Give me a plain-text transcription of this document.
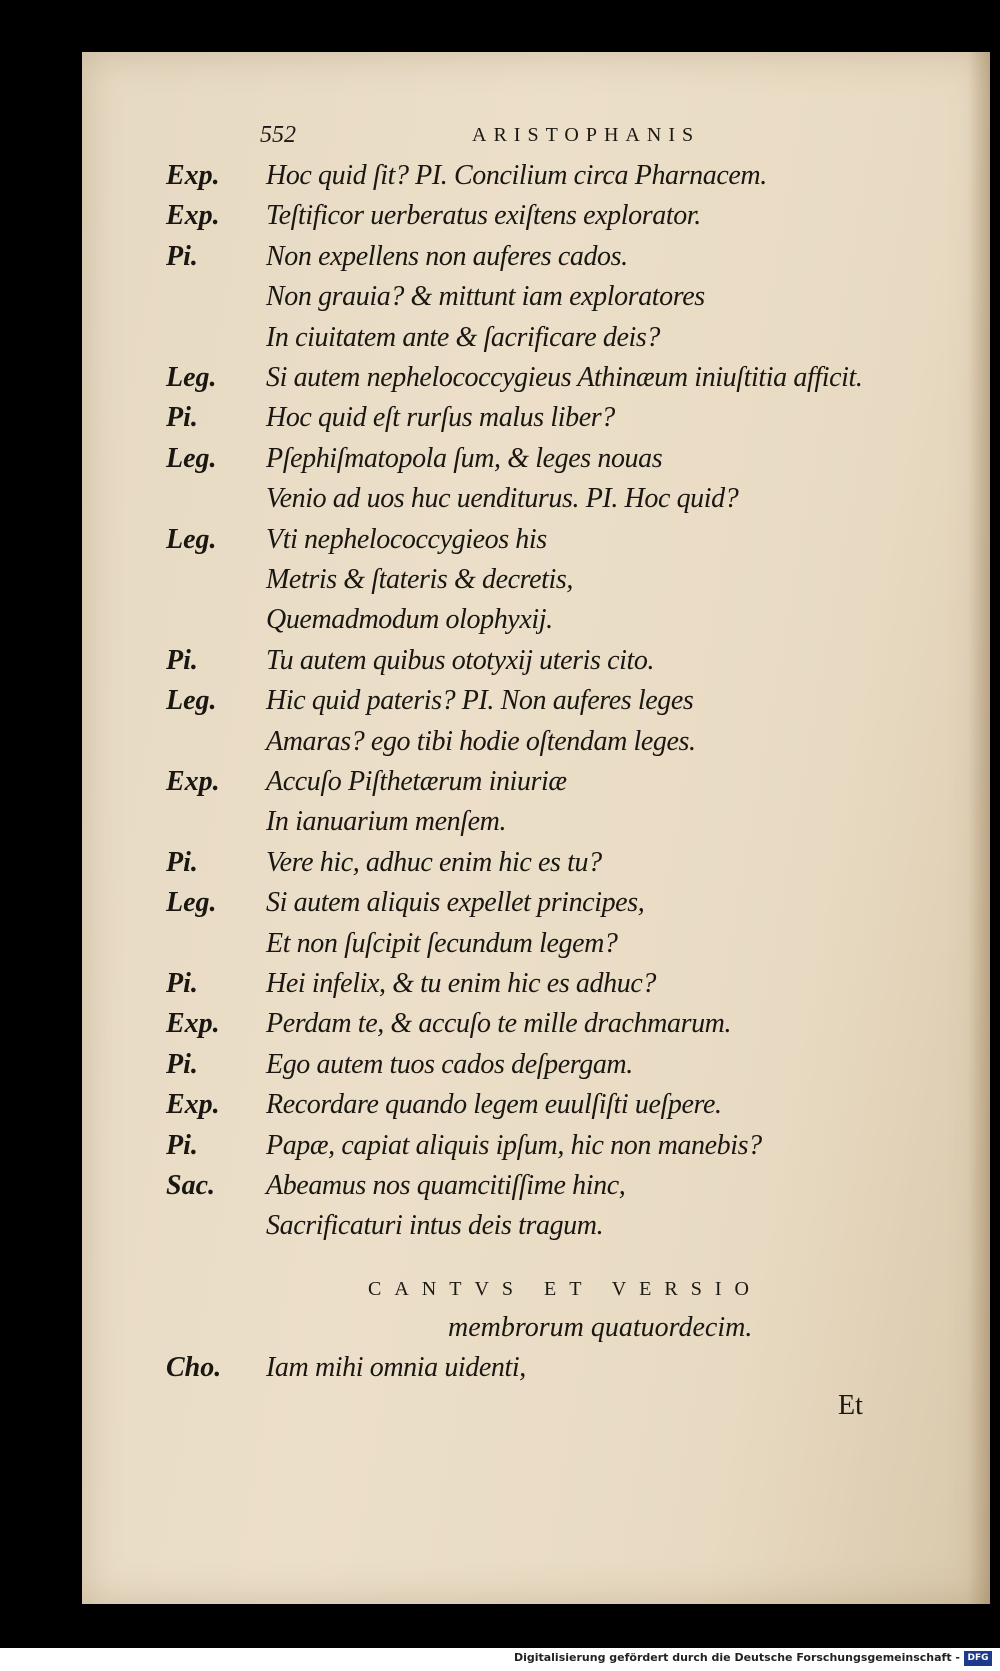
552	ARISTOPHANIS
Exp. Hoc quid ſit? PI. Concilium circa Pharnacem.
Exp. Teſtificor uerberatus exiſtens explorator.
Pi. Non expellens non auferes cados.
Non grauia? & mittunt iam exploratores
In ciuitatem ante & ſacrificare deis?
Leg. Si autem nephelococcygieus Athinæum iniuſtitia afficit.
Pi. Hoc quid eſt rurſus malus liber?
Leg. Pſephiſmatopola ſum, & leges nouas
Venio ad uos huc uenditurus. PI. Hoc quid?
Leg. Vti nephelococcygieos his
Metris & ſtateris & decretis,
Quemadmodum olophyxij.
Pi. Tu autem quibus ototyxij uteris cito.
Leg. Hic quid pateris? PI. Non auferes leges
Amaras? ego tibi hodie oſtendam leges.
Exp. Accuſo Piſthetærum iniuriæ
In ianuarium menſem.
Pi. Vere hic, adhuc enim hic es tu?
Leg. Si autem aliquis expellet principes,
Et non ſuſcipit ſecundum legem?
Pi. Hei infelix, & tu enim hic es adhuc?
Exp. Perdam te, & accuſo te mille drachmarum.
Pi. Ego autem tuos cados deſpergam.
Exp. Recordare quando legem euulſiſti ueſpere.
Pi. Papæ, capiat aliquis ipſum, hic non manebis?
Sac. Abeamus nos quamcitiſſime hinc,
Sacrificaturi intus deis tragum.
CANTVS ET VERSIO
membrorum quatuordecim.
Cho. Iam mihi omnia uidenti,
Et
Digitalisierung gefördert durch die Deutsche Forschungsgemeinschaft - DFG
